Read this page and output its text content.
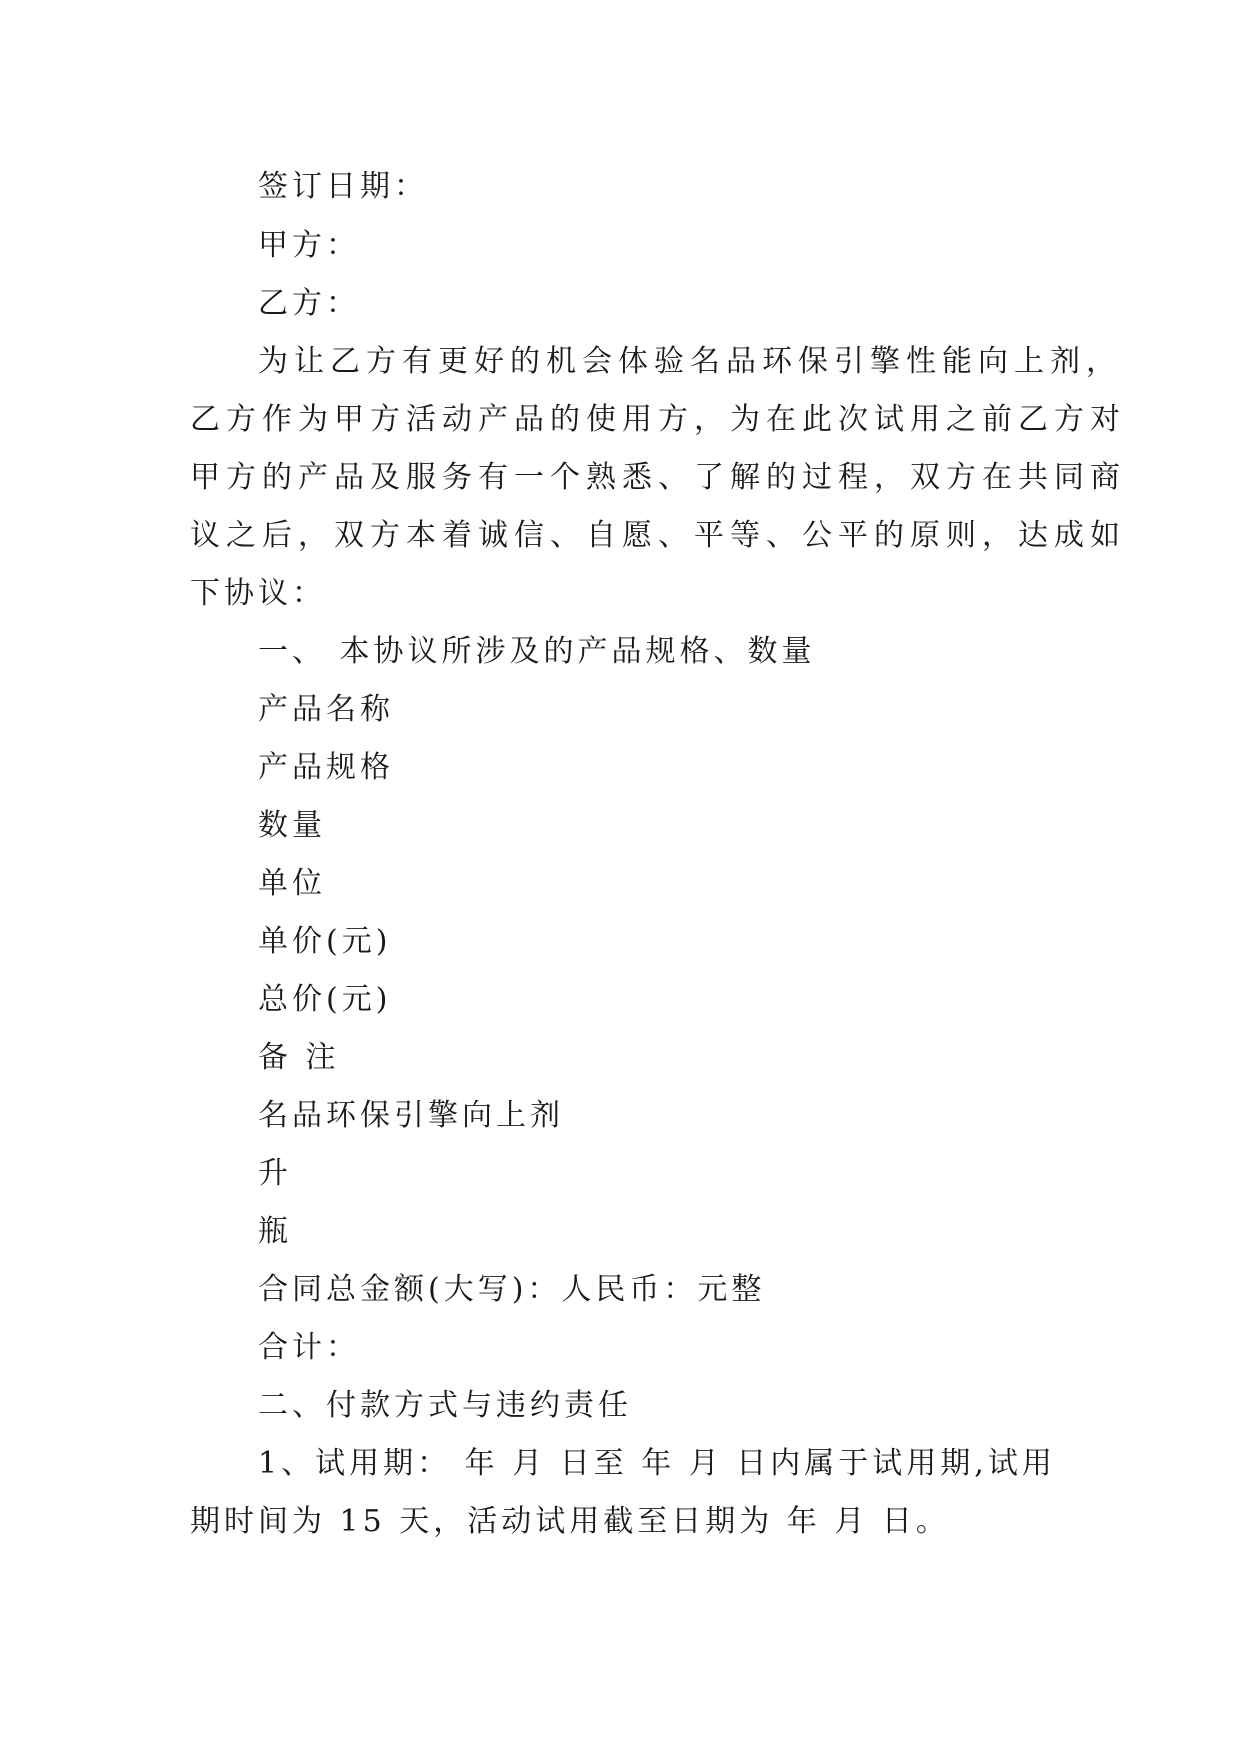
签订日期：
甲方：
乙方：
为让乙方有更好的机会体验名品环保引擎性能向上剂，
乙方作为甲方活动产品的使用方，为在此次试用之前乙方对
甲方的产品及服务有一个熟悉、了解的过程，双方在共同商
议之后，双方本着诚信、自愿、平等、公平的原则，达成如
下协议：
一、 本协议所涉及的产品规格、数量
产品名称
产品规格
数量
单位
单价(元)
总价(元)
备 注
名品环保引擎向上剂
升
瓶
合同总金额(大写)：人民币：元整
合计：
二、付款方式与违约责任
1、试用期： 年 月 日至 年 月 日内属于试用期,试用
期时间为 15 天，活动试用截至日期为 年 月 日。
